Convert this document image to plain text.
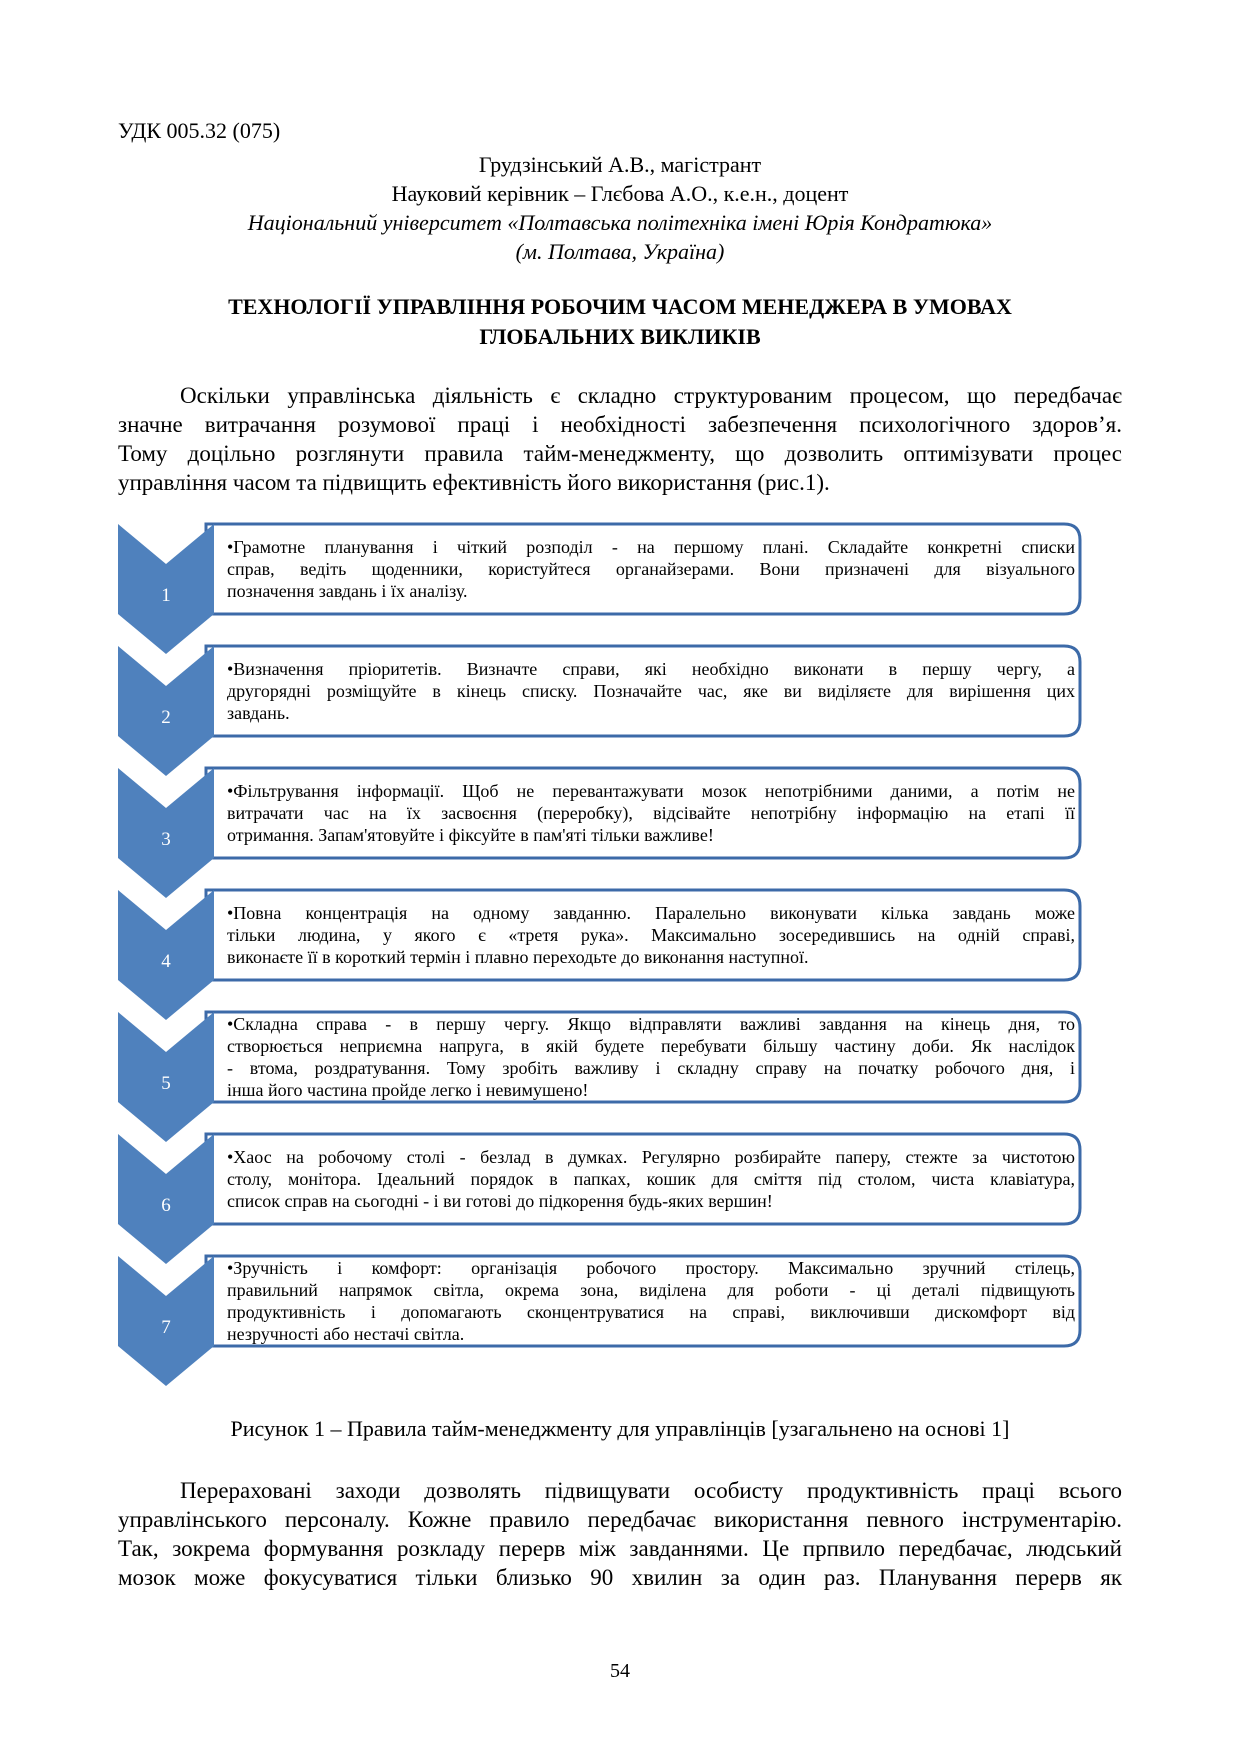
УДК 005.32 (075)
Грудзінський А.В., магістрант
Науковий керівник – Глєбова А.О., к.е.н., доцент
Національний університет «Полтавська політехніка імені Юрія Кондратюка»
(м. Полтава, Україна)
ТЕХНОЛОГІЇ УПРАВЛІННЯ РОБОЧИМ ЧАСОМ МЕНЕДЖЕРА В УМОВАХ
ГЛОБАЛЬНИХ ВИКЛИКІВ
Оскільки управлінська діяльність є складно структурованим процесом, що передбачає
значне витрачання розумової праці і необхідності забезпечення психологічного здоров’я.
Тому доцільно розглянути правила тайм-менеджменту, що дозволить оптимізувати процес
управління часом та підвищить ефективність його використання (рис.1).
1
2
3
4
5
6
7
•Грамотне планування і чіткий розподіл - на першому плані. Складайте конкретні списки
справ, ведіть щоденники, користуйтеся органайзерами. Вони призначені для візуального
позначення завдань і їх аналізу.
•Визначення пріоритетів. Визначте справи, які необхідно виконати в першу чергу, а
другорядні розміщуйте в кінець списку. Позначайте час, яке ви виділяєте для вирішення цих
завдань.
•Фільтрування інформації. Щоб не перевантажувати мозок непотрібними даними, а потім не
витрачати час на їх засвоєння (переробку), відсівайте непотрібну інформацію на етапі її
отримання. Запам'ятовуйте і фіксуйте в пам'яті тільки важливе!
•Повна концентрація на одному завданню. Паралельно виконувати кілька завдань може
тільки людина, у якого є «третя рука». Максимально зосередившись на одній справі,
виконаєте її в короткий термін і плавно переходьте до виконання наступної.
•Складна справа - в першу чергу. Якщо відправляти важливі завдання на кінець дня, то
створюється неприємна напруга, в якій будете перебувати більшу частину доби. Як наслідок
- втома, роздратування. Тому зробіть важливу і складну справу на початку робочого дня, і
інша його частина пройде легко і невимушено!
•Хаос на робочому столі - безлад в думках. Регулярно розбирайте паперу, стежте за чистотою
столу, монітора. Ідеальний порядок в папках, кошик для сміття під столом, чиста клавіатура,
список справ на сьогодні - і ви готові до підкорення будь-яких вершин!
•Зручність і комфорт: організація робочого простору. Максимально зручний стілець,
правильний напрямок світла, окрема зона, виділена для роботи - ці деталі підвищують
продуктивність і допомагають сконцентруватися на справі, виключивши дискомфорт від
незручності або нестачі світла.
Рисунок 1 – Правила тайм-менеджменту для управлінців [узагальнено на основі 1]
Перераховані заходи дозволять підвищувати особисту продуктивність праці всього
управлінського персоналу. Кожне правило передбачає використання певного інструментарію.
Так, зокрема формування розкладу перерв між завданнями. Це прпвило передбачає, людський
мозок може фокусуватися тільки близько 90 хвилин за один раз. Планування перерв як
54
